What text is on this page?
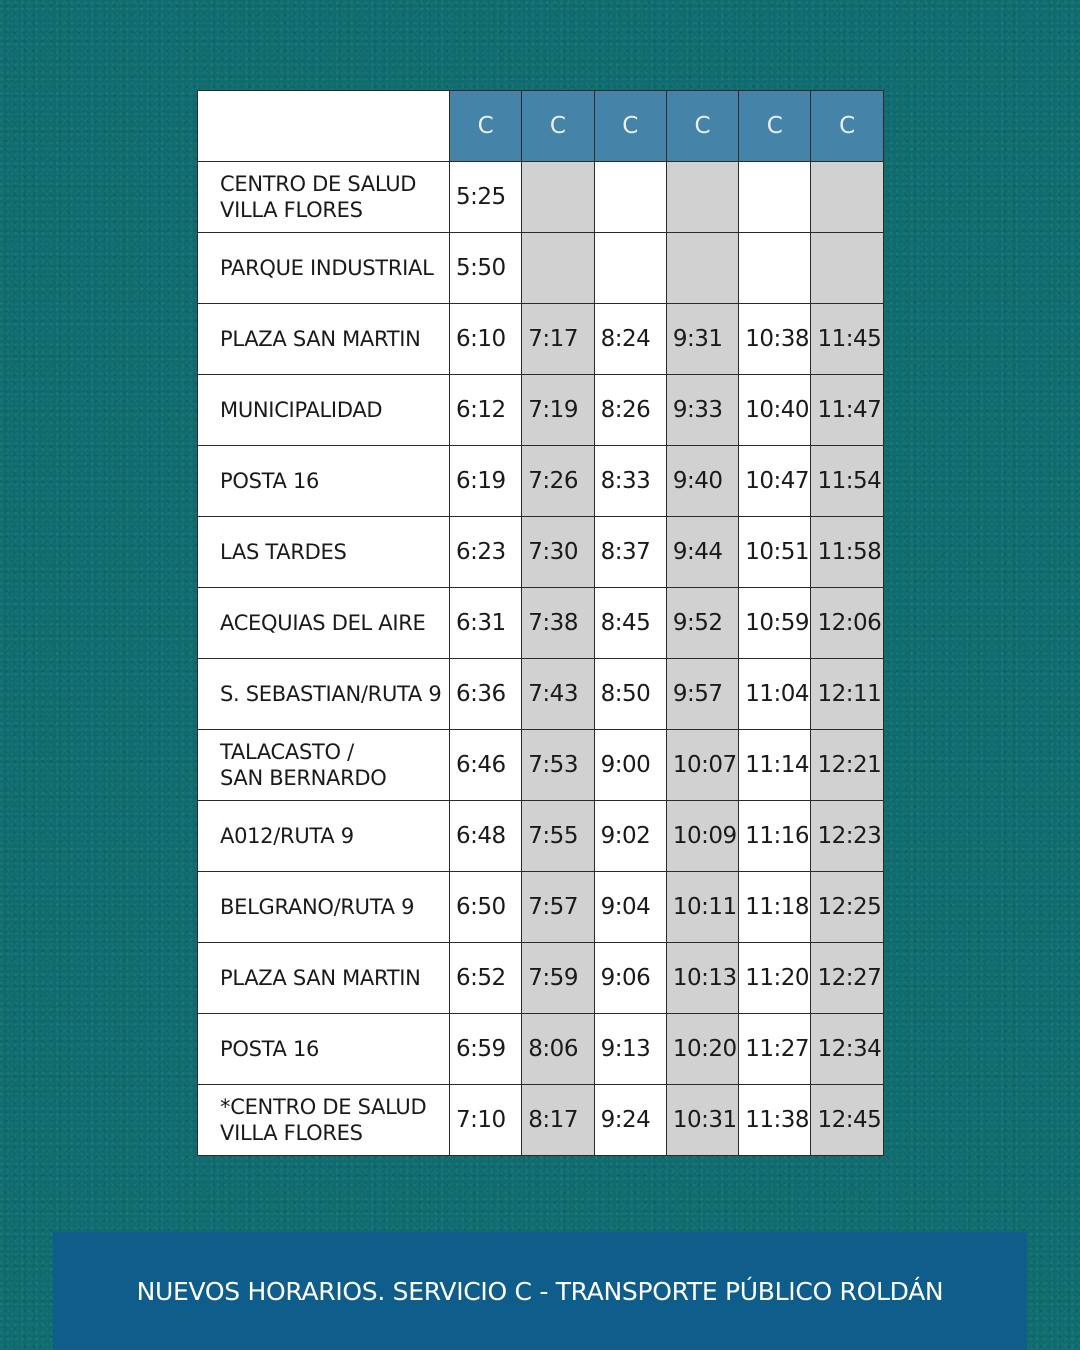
	C	C	C	C	C	C
CENTRO DE SALUD
VILLA FLORES	5:25					
PARQUE INDUSTRIAL	5:50					
PLAZA SAN MARTIN	6:10	7:17	8:24	9:31	10:38	11:45
MUNICIPALIDAD	6:12	7:19	8:26	9:33	10:40	11:47
POSTA 16	6:19	7:26	8:33	9:40	10:47	11:54
LAS TARDES	6:23	7:30	8:37	9:44	10:51	11:58
ACEQUIAS DEL AIRE	6:31	7:38	8:45	9:52	10:59	12:06
S. SEBASTIAN/RUTA 9	6:36	7:43	8:50	9:57	11:04	12:11
TALACASTO /
SAN BERNARDO	6:46	7:53	9:00	10:07	11:14	12:21
A012/RUTA 9	6:48	7:55	9:02	10:09	11:16	12:23
BELGRANO/RUTA 9	6:50	7:57	9:04	10:11	11:18	12:25
PLAZA SAN MARTIN	6:52	7:59	9:06	10:13	11:20	12:27
POSTA 16	6:59	8:06	9:13	10:20	11:27	12:34
*CENTRO DE SALUD
VILLA FLORES	7:10	8:17	9:24	10:31	11:38	12:45
NUEVOS HORARIOS. SERVICIO C - TRANSPORTE PÚBLICO ROLDÁN
